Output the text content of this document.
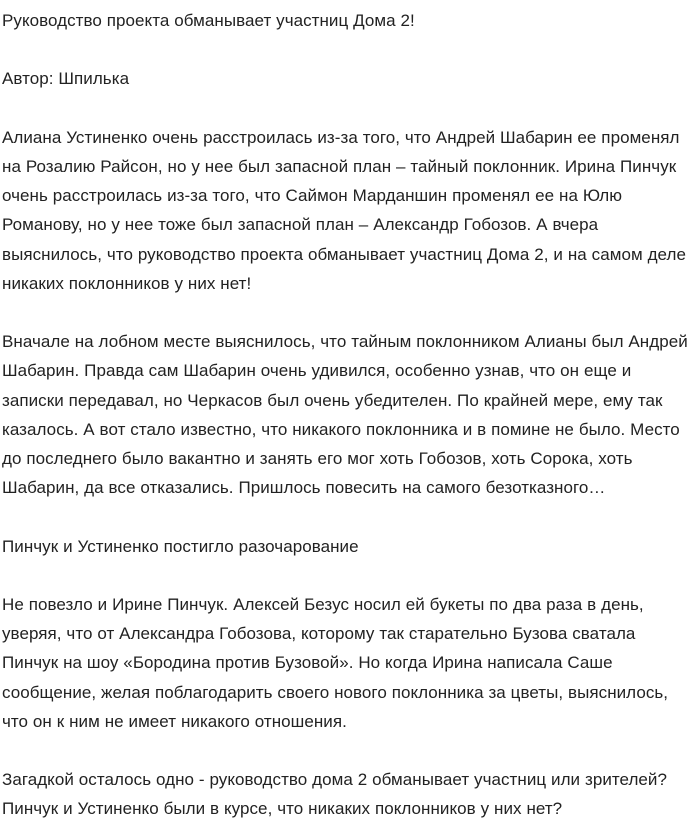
Руководство проекта обманывает участниц Дома 2!

Автор: Шпилька

Алиана Устиненко очень расстроилась из-за того, что Андрей Шабарин ее променял на Розалию Райсон, но у нее был запасной план – тайный поклонник. Ирина Пинчук очень расстроилась из-за того, что Саймон Марданшин променял ее на Юлю Романову, но у нее тоже был запасной план – Александр Гобозов. А вчера выяснилось, что руководство проекта обманывает участниц Дома 2, и на самом деле никаких поклонников у них нет!

Вначале на лобном месте выяснилось, что тайным поклонником Алианы был Андрей Шабарин. Правда сам Шабарин очень удивился, особенно узнав, что он еще и записки передавал, но Черкасов был очень убедителен. По крайней мере, ему так казалось. А вот стало известно, что никакого поклонника и в помине не было. Место до последнего было вакантно и занять его мог хоть Гобозов, хоть Сорока, хоть Шабарин, да все отказались. Пришлось повесить на самого безотказного…

Пинчук и Устиненко постигло разочарование

Не повезло и Ирине Пинчук. Алексей Безус носил ей букеты по два раза в день, уверяя, что от Александра Гобозова, которому так старательно Бузова сватала Пинчук на шоу «Бородина против Бузовой». Но когда Ирина написала Саше сообщение, желая поблагодарить своего нового поклонника за цветы, выяснилось, что он к ним не имеет никакого отношения.

Загадкой осталось одно - руководство дома 2 обманывает участниц или зрителей? Пинчук и Устиненко были в курсе, что никаких поклонников у них нет?
